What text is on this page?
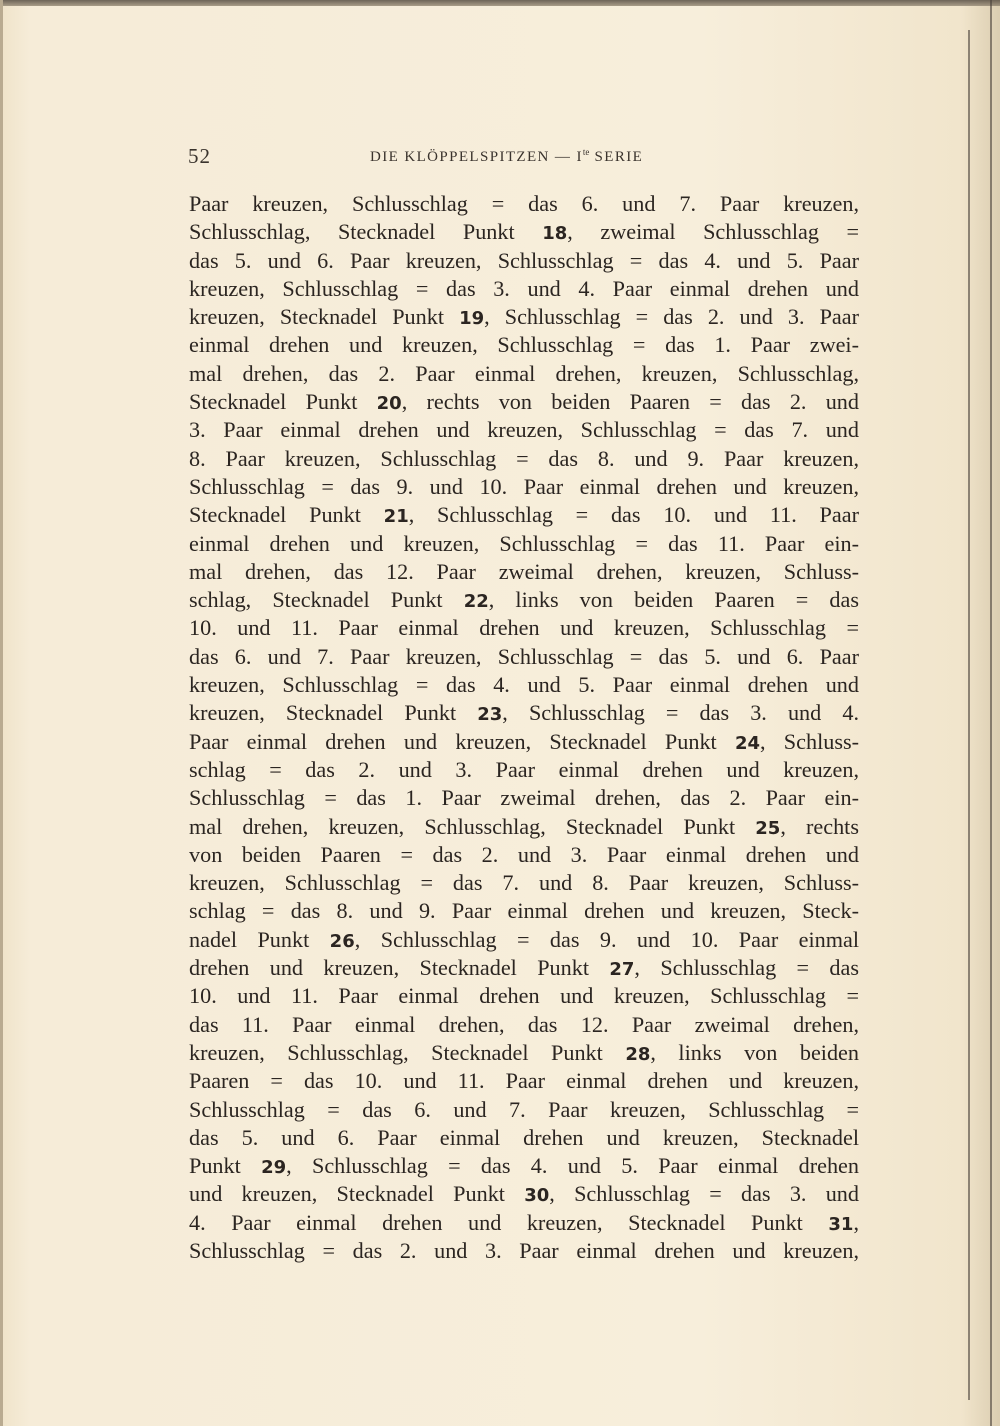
52	DIE KLÖPPELSPITZEN — $I^{te}$ SERIE
Paar kreuzen, Schlusschlag = das 6. und 7. Paar kreuzen,
Schlusschlag, Stecknadel Punkt 18, zweimal Schlusschlag =
das 5. und 6. Paar kreuzen, Schlusschlag = das 4. und 5. Paar
kreuzen, Schlusschlag = das 3. und 4. Paar einmal drehen und
kreuzen, Stecknadel Punkt 19, Schlusschlag = das 2. und 3. Paar
einmal drehen und kreuzen, Schlusschlag = das 1. Paar zwei-
mal drehen, das 2. Paar einmal drehen, kreuzen, Schlusschlag,
Stecknadel Punkt 20, rechts von beiden Paaren = das 2. und
3. Paar einmal drehen und kreuzen, Schlusschlag = das 7. und
8. Paar kreuzen, Schlusschlag = das 8. und 9. Paar kreuzen,
Schlusschlag = das 9. und 10. Paar einmal drehen und kreuzen,
Stecknadel Punkt 21, Schlusschlag = das 10. und 11. Paar
einmal drehen und kreuzen, Schlusschlag = das 11. Paar ein-
mal drehen, das 12. Paar zweimal drehen, kreuzen, Schluss-
schlag, Stecknadel Punkt 22, links von beiden Paaren = das
10. und 11. Paar einmal drehen und kreuzen, Schlusschlag =
das 6. und 7. Paar kreuzen, Schlusschlag = das 5. und 6. Paar
kreuzen, Schlusschlag = das 4. und 5. Paar einmal drehen und
kreuzen, Stecknadel Punkt 23, Schlusschlag = das 3. und 4.
Paar einmal drehen und kreuzen, Stecknadel Punkt 24, Schluss-
schlag = das 2. und 3. Paar einmal drehen und kreuzen,
Schlusschlag = das 1. Paar zweimal drehen, das 2. Paar ein-
mal drehen, kreuzen, Schlusschlag, Stecknadel Punkt 25, rechts
von beiden Paaren = das 2. und 3. Paar einmal drehen und
kreuzen, Schlusschlag = das 7. und 8. Paar kreuzen, Schluss-
schlag = das 8. und 9. Paar einmal drehen und kreuzen, Steck-
nadel Punkt 26, Schlusschlag = das 9. und 10. Paar einmal
drehen und kreuzen, Stecknadel Punkt 27, Schlusschlag = das
10. und 11. Paar einmal drehen und kreuzen, Schlusschlag =
das 11. Paar einmal drehen, das 12. Paar zweimal drehen,
kreuzen, Schlusschlag, Stecknadel Punkt 28, links von beiden
Paaren = das 10. und 11. Paar einmal drehen und kreuzen,
Schlusschlag = das 6. und 7. Paar kreuzen, Schlusschlag =
das 5. und 6. Paar einmal drehen und kreuzen, Stecknadel
Punkt 29, Schlusschlag = das 4. und 5. Paar einmal drehen
und kreuzen, Stecknadel Punkt 30, Schlusschlag = das 3. und
4. Paar einmal drehen und kreuzen, Stecknadel Punkt 31,
Schlusschlag = das 2. und 3. Paar einmal drehen und kreuzen,
